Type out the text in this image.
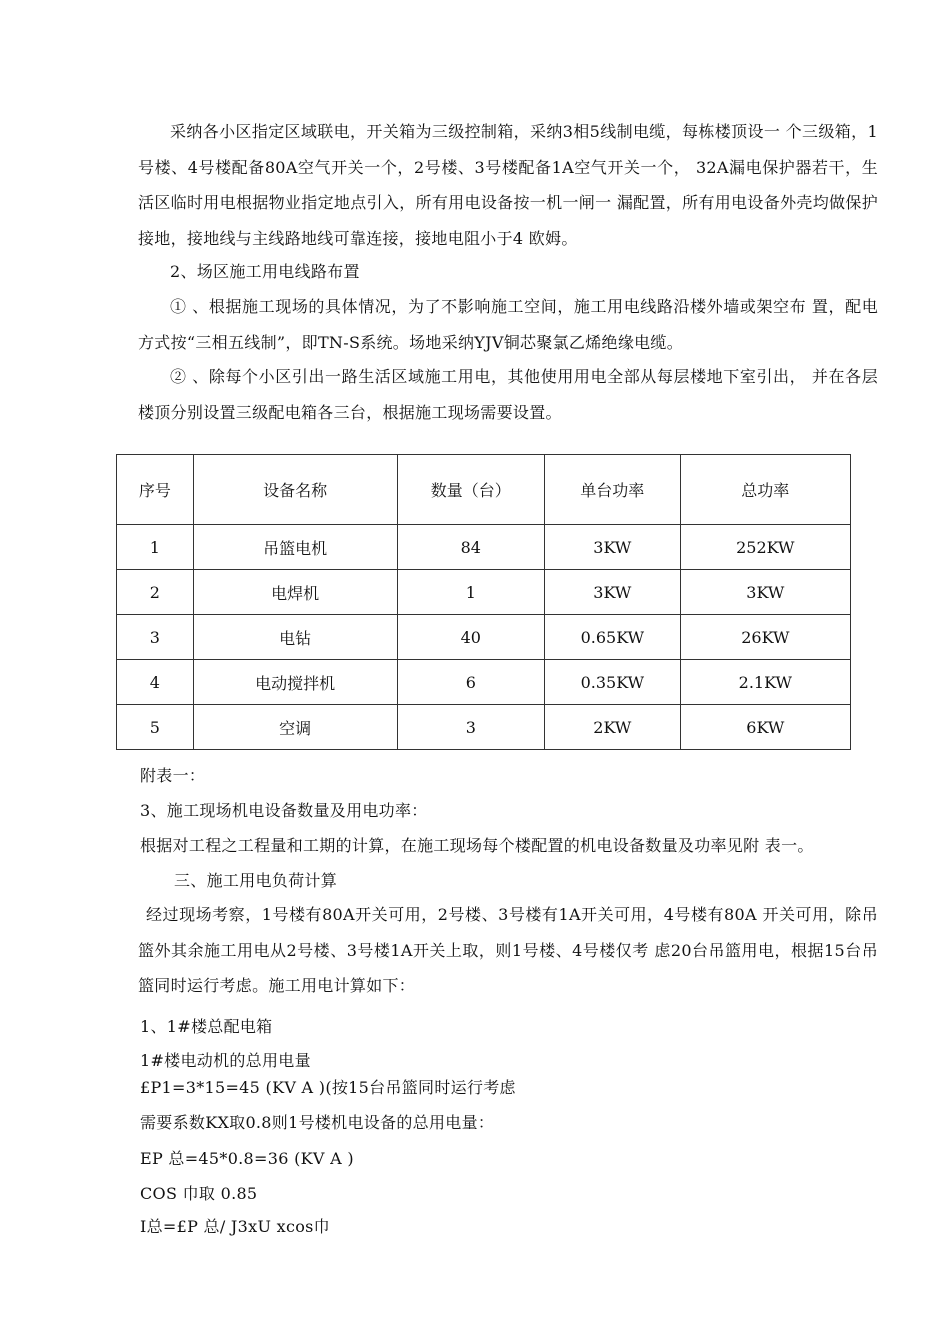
采纳各小区指定区域联电，开关箱为三级控制箱，采纳3相5线制电缆，每栋楼顶设一 个三级箱，1号楼、4号楼配备80A空气开关一个，2号楼、3号楼配备1A空气开关一个， 32A漏电保护器若干，生活区临时用电根据物业指定地点引入，所有用电设备按一机一闸一 漏配置，所有用电设备外壳均做保护接地，接地线与主线路地线可靠连接，接地电阻小于4 欧姆。
2、场区施工用电线路布置
① 、根据施工现场的具体情况，为了不影响施工空间，施工用电线路沿楼外墙或架空布 置，配电方式按“三相五线制”，即TN-S系统。场地采纳YJV铜芯聚氯乙烯绝缘电缆。
② 、除每个小区引出一路生活区域施工用电，其他使用用电全部从每层楼地下室引出， 并在各层楼顶分别设置三级配电箱各三台，根据施工现场需要设置。
序号	设备名称	数量（台）	单台功率	总功率
1	吊篮电机	84	3KW	252KW
2	电焊机	1	3KW	3KW
3	电钻	40	0.65KW	26KW
4	电动搅拌机	6	0.35KW	2.1KW
5	空调	3	2KW	6KW
附表一：
3、施工现场机电设备数量及用电功率：
根据对工程之工程量和工期的计算，在施工现场每个楼配置的机电设备数量及功率见附 表一。
三、施工用电负荷计算
经过现场考察，1号楼有80A开关可用，2号楼、3号楼有1A开关可用，4号楼有80A 开关可用，除吊篮外其余施工用电从2号楼、3号楼1A开关上取，则1号楼、4号楼仅考 虑20台吊篮用电，根据15台吊篮同时运行考虑。施工用电计算如下：
1、1#楼总配电箱
1#楼电动机的总用电量
£P1=3*15=45 (KV A )(按15台吊篮同时运行考虑
需要系数KX取0.8则1号楼机电设备的总用电量：
EP 总=45*0.8=36 (KV A )
COS 巾取 0.85
I总=£P 总/ J3xU xcos巾
